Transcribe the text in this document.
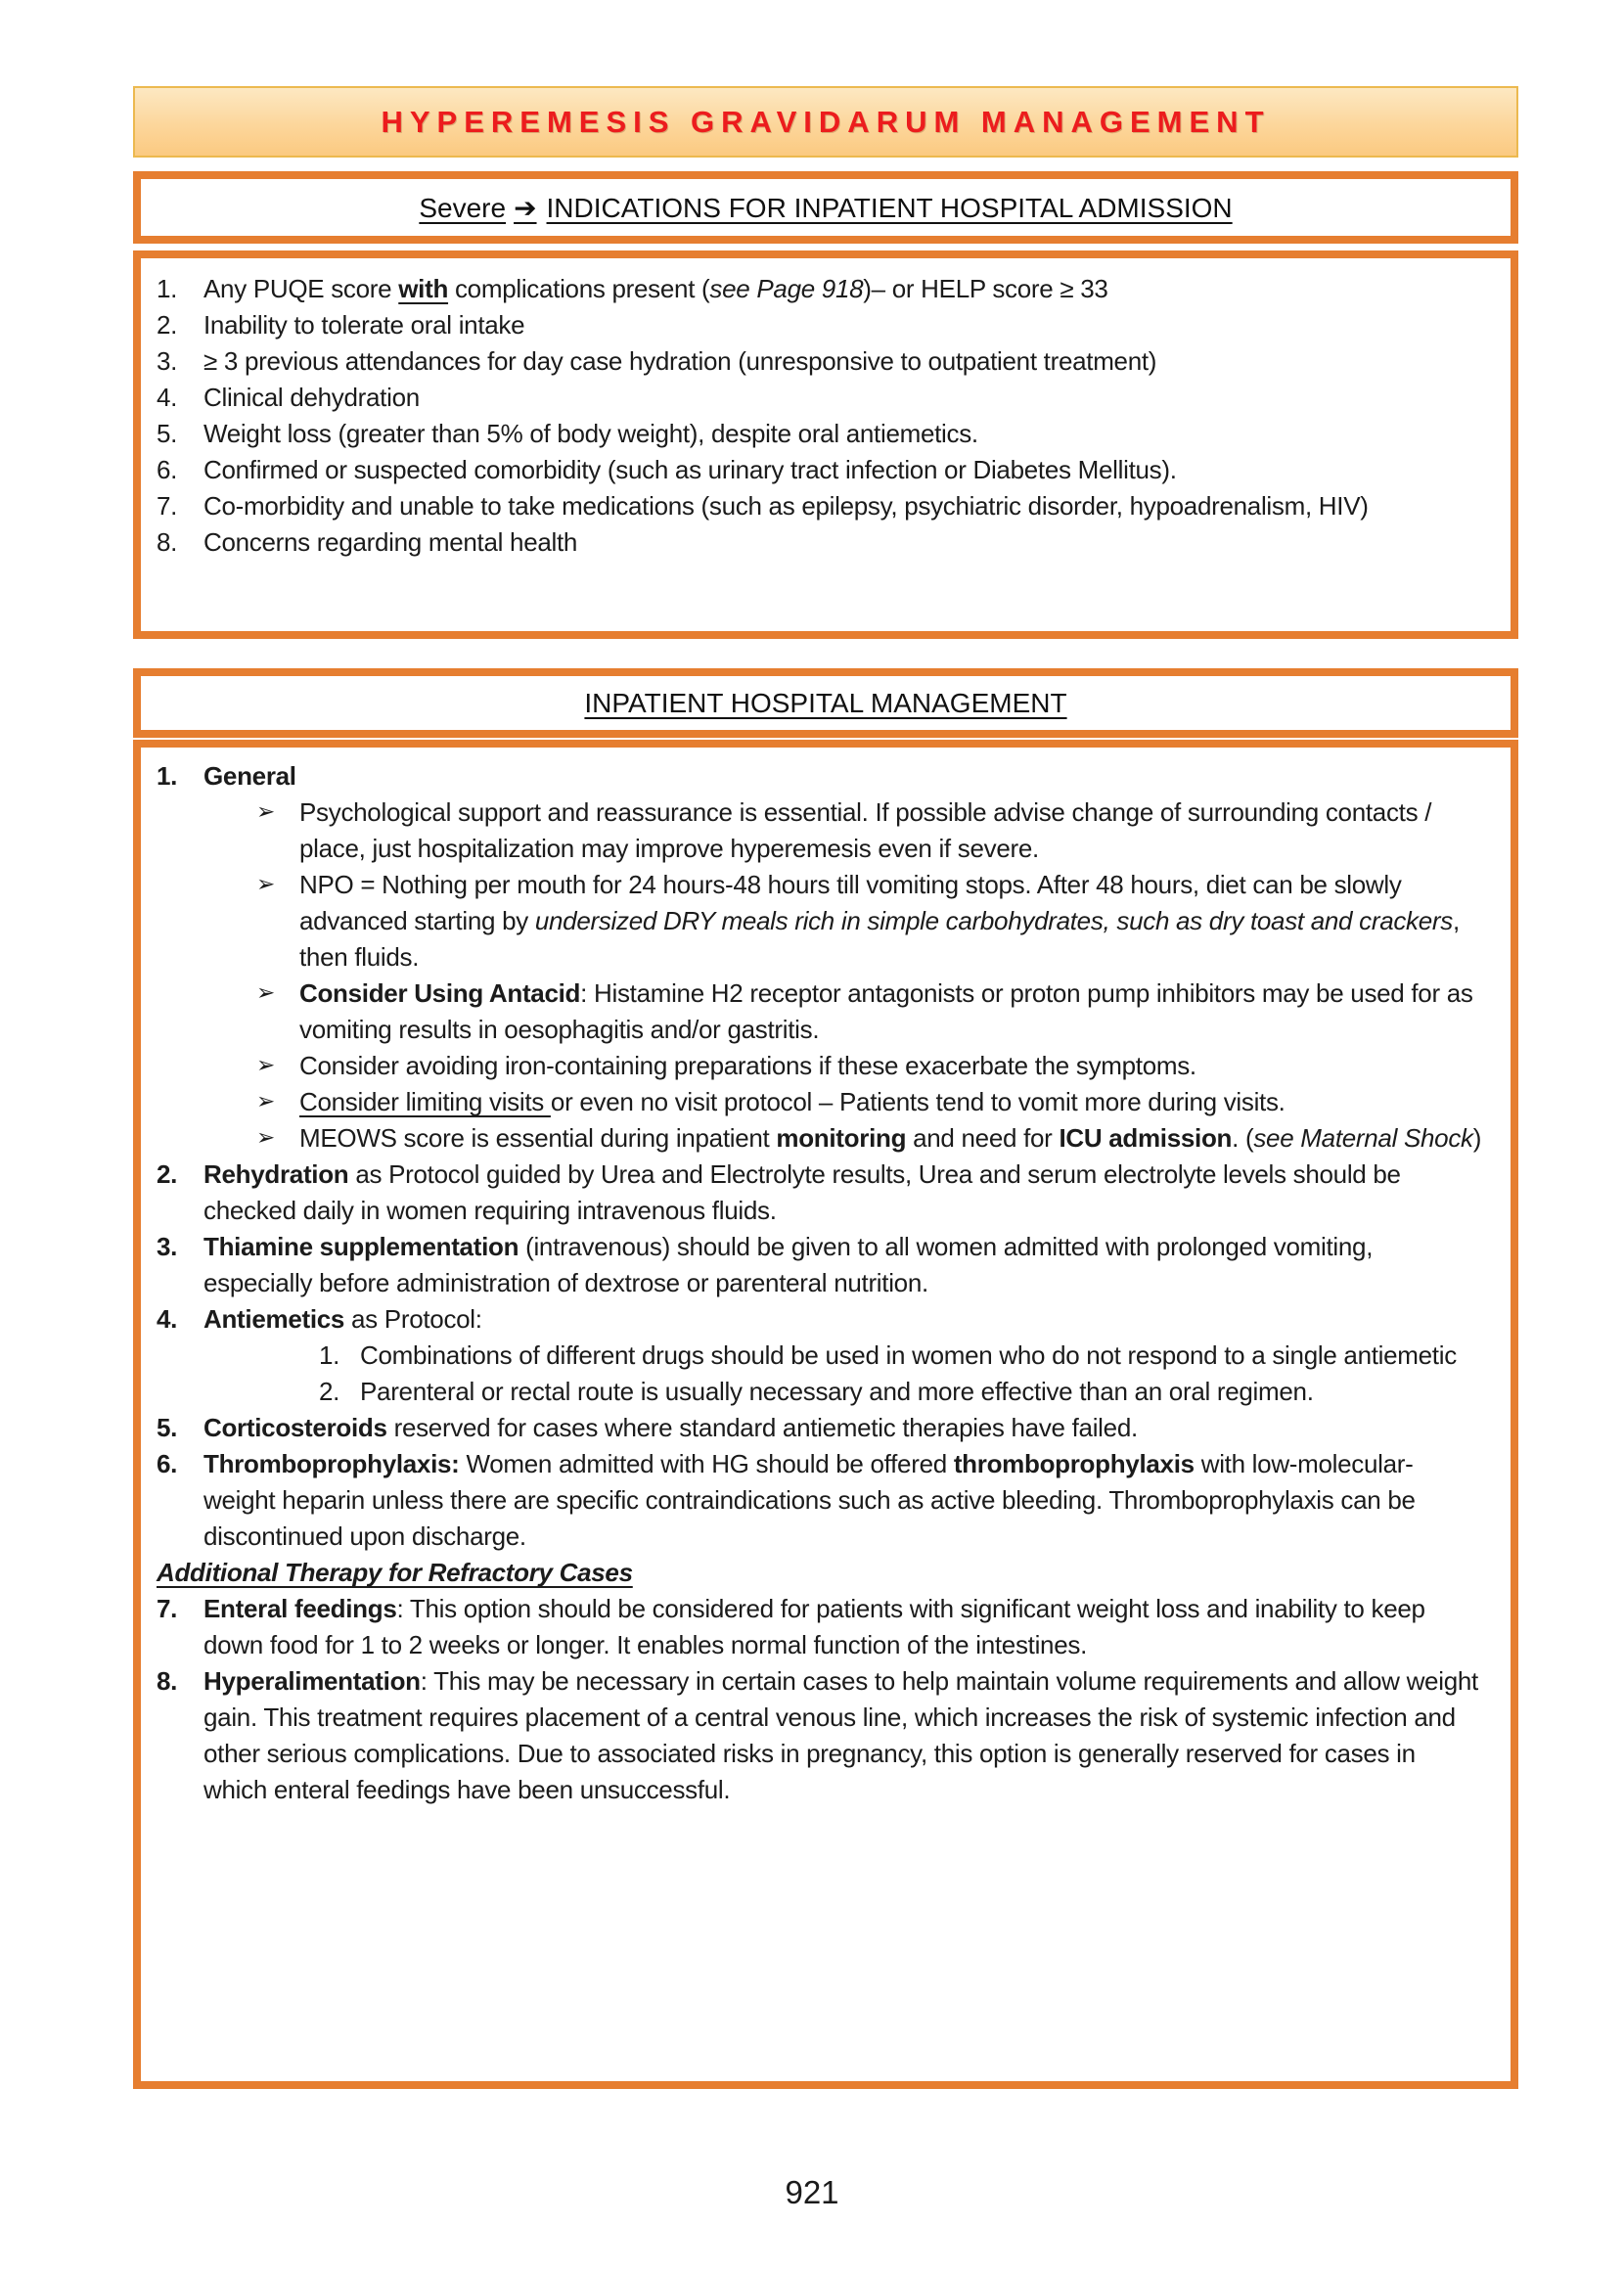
HYPEREMESIS GRAVIDARUM MANAGEMENT
Severe ➔ INDICATIONS FOR INPATIENT HOSPITAL ADMISSION
1.	Any PUQE score with complications present (see Page 918)– or HELP score ≥ 33
2.	Inability to tolerate oral intake
3.	≥ 3 previous attendances for day case hydration (unresponsive to outpatient treatment)
4.	Clinical dehydration
5.	Weight loss (greater than 5% of body weight), despite oral antiemetics.
6.	Confirmed or suspected comorbidity (such as urinary tract infection or Diabetes Mellitus).
7.	Co-morbidity and unable to take medications (such as epilepsy, psychiatric disorder, hypoadrenalism, HIV)
8.	Concerns regarding mental health
INPATIENT HOSPITAL MANAGEMENT
1.	General
➢ Psychological support and reassurance is essential. If possible advise change of surrounding contacts / place, just hospitalization may improve hyperemesis even if severe.
➢ NPO = Nothing per mouth for 24 hours-48 hours till vomiting stops. After 48 hours, diet can be slowly advanced starting by undersized DRY meals rich in simple carbohydrates, such as dry toast and crackers, then fluids.
➢ Consider Using Antacid: Histamine H2 receptor antagonists or proton pump inhibitors may be used for as vomiting results in oesophagitis and/or gastritis.
➢ Consider avoiding iron-containing preparations if these exacerbate the symptoms.
➢ Consider limiting visits or even no visit protocol – Patients tend to vomit more during visits.
➢ MEOWS score is essential during inpatient monitoring and need for ICU admission. (see Maternal Shock)
2.	Rehydration as Protocol guided by Urea and Electrolyte results, Urea and serum electrolyte levels should be checked daily in women requiring intravenous fluids.
3.	Thiamine supplementation (intravenous) should be given to all women admitted with prolonged vomiting, especially before administration of dextrose or parenteral nutrition.
4.	Antiemetics as Protocol:
1. Combinations of different drugs should be used in women who do not respond to a single antiemetic
2. Parenteral or rectal route is usually necessary and more effective than an oral regimen.
5.	Corticosteroids reserved for cases where standard antiemetic therapies have failed.
6.	Thromboprophylaxis: Women admitted with HG should be offered thromboprophylaxis with low-molecular-weight heparin unless there are specific contraindications such as active bleeding. Thromboprophylaxis can be discontinued upon discharge.
Additional Therapy for Refractory Cases
7.	Enteral feedings: This option should be considered for patients with significant weight loss and inability to keep down food for 1 to 2 weeks or longer. It enables normal function of the intestines.
8.	Hyperalimentation: This may be necessary in certain cases to help maintain volume requirements and allow weight gain. This treatment requires placement of a central venous line, which increases the risk of systemic infection and other serious complications. Due to associated risks in pregnancy, this option is generally reserved for cases in which enteral feedings have been unsuccessful.
921
